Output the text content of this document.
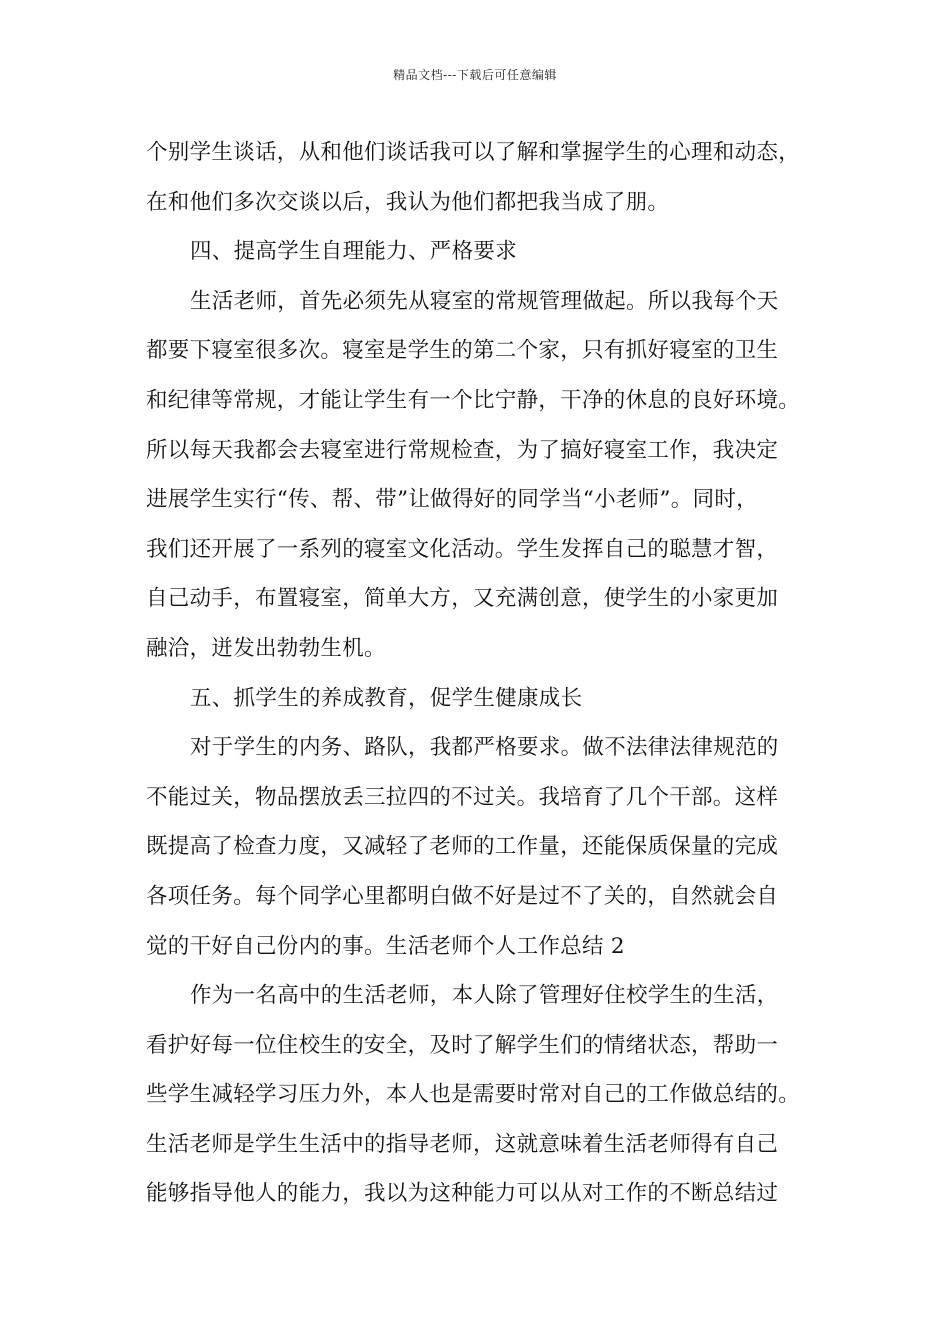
精品文档---下载后可任意编辑
个别学生谈话，从和他们谈话我可以了解和掌握学生的心理和动态，
在和他们多次交谈以后，我认为他们都把我当成了朋。
四、提高学生自理能力、严格要求
生活老师，首先必须先从寝室的常规管理做起。所以我每个天
都要下寝室很多次。寝室是学生的第二个家，只有抓好寝室的卫生
和纪律等常规，才能让学生有一个比宁静，干净的休息的良好环境。
所以每天我都会去寝室进行常规检查，为了搞好寝室工作，我决定
进展学生实行“传、帮、带”让做得好的同学当“小老师”。同时，
我们还开展了一系列的寝室文化活动。学生发挥自己的聪慧才智，
自己动手，布置寝室，简单大方，又充满创意，使学生的小家更加
融洽，迸发出勃勃生机。
五、抓学生的养成教育，促学生健康成长
对于学生的内务、路队，我都严格要求。做不法律法律规范的
不能过关，物品摆放丢三拉四的不过关。我培育了几个干部。这样
既提高了检查力度，又减轻了老师的工作量，还能保质保量的完成
各项任务。每个同学心里都明白做不好是过不了关的，自然就会自
觉的干好自己份内的事。生活老师个人工作总结 2
作为一名高中的生活老师，本人除了管理好住校学生的生活，
看护好每一位住校生的安全，及时了解学生们的情绪状态，帮助一
些学生减轻学习压力外，本人也是需要时常对自己的工作做总结的。
生活老师是学生生活中的指导老师，这就意味着生活老师得有自己
能够指导他人的能力，我以为这种能力可以从对工作的不断总结过
